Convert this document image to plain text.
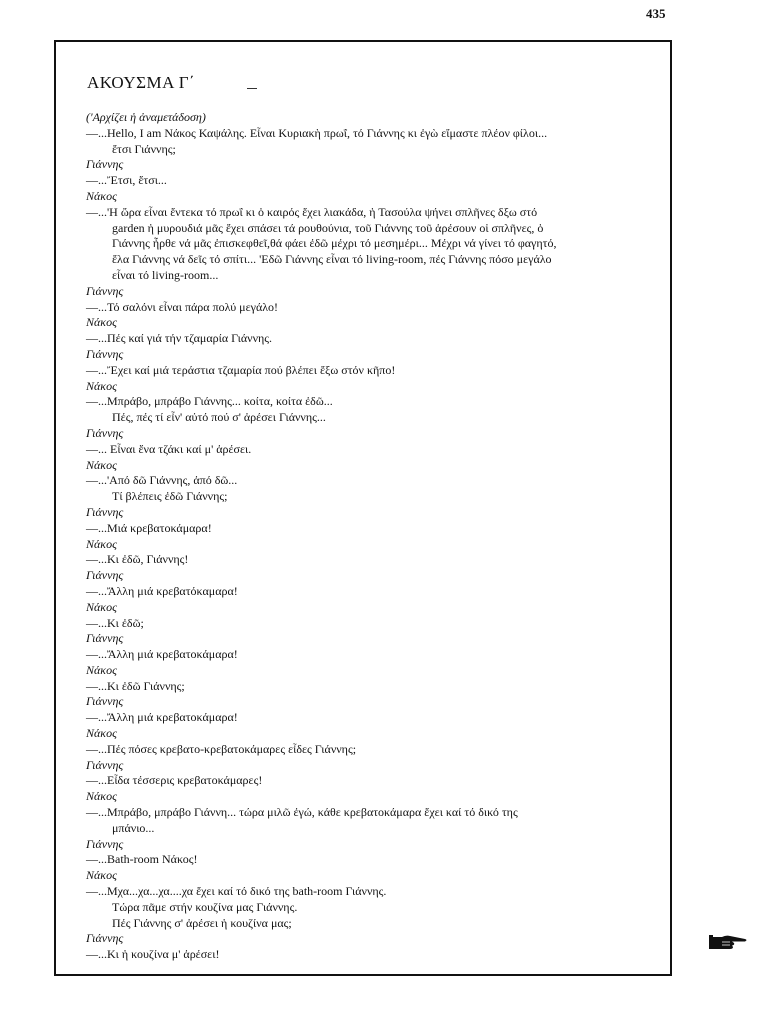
435
ΑΚΟΥΣΜΑ Γ΄

('Αρχίζει ἡ ἀναμετάδοση)

—...Hello, I am Νάκος Καψάλης. Εἶναι Κυριακὴ πρωΐ, τό Γιάννης κι ἐγὼ εἴμαστε πλέον φίλοι...

ἔτσι Γιάννης;

Γιάννης

—...Ἔτσι, ἔτσι...

Νάκος

—...'Η ὥρα εἶναι ἔντεκα τό πρωΐ κι ὁ καιρός ἔχει λιακάδα, ἡ Τασούλα ψήνει σπλῆνες δξω στό

garden ἡ μυρουδιά μᾶς ἔχει σπάσει τά ρουθούνια, τοῦ Γιάννης τοῦ ἀρέσουν οἱ σπλῆνες, ὁ

Γιάννης ἦρθε νά μᾶς ἐπισκεφθεῖ,θά φάει ἐδῶ μέχρι τό μεσημέρι... Μέχρι νά γίνει τό φαγητό,

ἔλα Γιάννης νά δεῖς τό σπίτι... 'Εδῶ Γιάννης εἶναι τό living-room, πές Γιάννης πόσο μεγάλο

εἶναι τό living-room...

Γιάννης

—...Τό σαλόνι εἶναι πάρα πολύ μεγάλο!

Νάκος

—...Πές καί γιά τήν τζαμαρία Γιάννης.

Γιάννης

—...Ἔχει καί μιά τεράστια τζαμαρία πού βλέπει ἔξω στόν κῆπο!

Νάκος

—...Μπράβο, μπράβο Γιάννης... κοίτα, κοίτα ἐδῶ...

Πές, πές τί εἶν' αὐτό πού σ' ἀρέσει Γιάννης...

Γιάννης

—... Εἶναι ἕνα τζάκι καί μ' ἀρέσει.

Νάκος

—...'Από δῶ Γιάννης, ἀπό δῶ...

Τί βλέπεις ἐδῶ Γιάννης;

Γιάννης

—...Μιά κρεβατοκάμαρα!

Νάκος

—...Κι ἐδῶ, Γιάννης!

Γιάννης

—...Ἄλλη μιά κρεβατόκαμαρα!

Νάκος

—...Κι ἐδῶ;

Γιάννης

—...Ἄλλη μιά κρεβατοκάμαρα!

Νάκος

—...Κι ἐδῶ Γιάννης;

Γιάννης

—...Ἄλλη μιά κρεβατοκάμαρα!

Νάκος

—...Πές πόσες κρεβατο-κρεβατοκάμαρες εἶδες Γιάννης;

Γιάννης

—...Εἶδα τέσσερις κρεβατοκάμαρες!

Νάκος

—...Μπράβο, μπράβο Γιάννη... τώρα μιλῶ ἐγώ, κάθε κρεβατοκάμαρα ἔχει καί τό δικό της

μπάνιο...

Γιάννης

—...Bath-room Νάκος!

Νάκος

—...Μχα...χα...χα....χα ἔχει καί τό δικό της bath-room Γιάννης.

Τώρα πᾶμε στήν κουζίνα μας Γιάννης.

Πές Γιάννης σ' ἀρέσει ἡ κουζίνα μας;

Γιάννης

—...Κι ἡ κουζίνα μ' ἀρέσει!
